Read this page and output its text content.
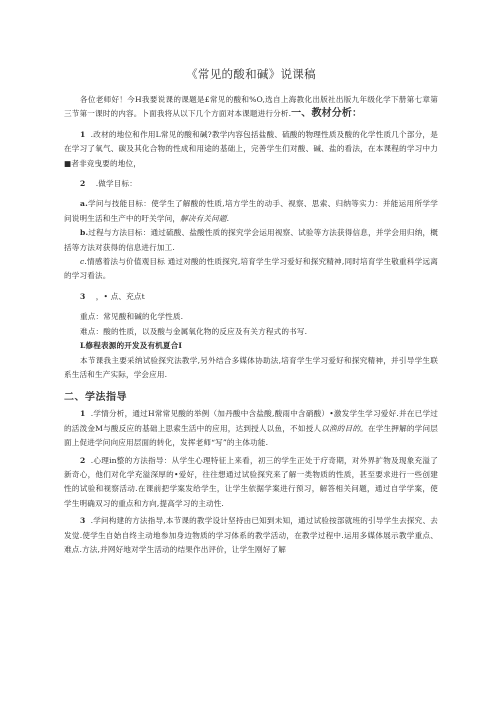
《常见的酸和碱》说课稿

各位老师好！今H我要说课的课题是£常见的酸和%O,选自上海教化出版社出版九年级化学下册第七章第三节第一课时的内容。卜面我将从以下几个方面对本课题进行分析.一、教材分析：

1 .改材的地位和作用L常见的酸和碱?教学内容包括盐酸、硫酸的物理性质及酸的化学性质几个部分，是在学习了氧气、碳及其化合物的性成和用途的基础上，完善学生们对酸、碱、盐的看法，在本课程的学习中力■者非竞曳要的地位，

2 .做学目标：

a.学问与技能目标：使学生了解酸的性质,培方学生的动手、视察、思索、归纳等实力：并能运用所学学问说明生活和生产中的吁关学问，解决有关问题.

b.过程与方法目标：通过硫酸、盐酸性质的探究学会运用视察、试验等方法获得信息，并学会用归纳，概括等方法对获得的信息进行加工.

c.情感着法与价值观目标 通过对酸的性质探究,培育学生学习爱好和探究精神,同时培育学生敬重科学远离的学习看法。

3 ，• 点、充点t

重点：常见酸和碱的化学性质.

难点：酸的性质，以及酸与金属氧化物的反应及有关方程式的书写.

L修程表源的开发及有机夏合I

本节课我主要采纳试验探究法教学,另外结合多媒体协助法,培育学生学习爱好和探究精神，并引导学生联系生活和生产实际，学会应用.

二、学法指导

1 .学情分析，通过H常常见酸的举例（加丹酸中含盐酸,酸雨中含硝酸）•激发学生学习爱好.并在已学过的活泼金M与酸反应的基础上思索生活中的应用，达到授人以鱼，不如授人以渔的目的。在学生押解的学问层面上促进学问向应用层面的转化，发挥老师“写”的主体功能.

2 .心理in整的方法指导：从学生心理特征上来看，初三的学生正处于疗奇期，对外界扩物及现象充溢了新奇心，他们对化学充溢深厚的•爱好，往往想通过试验探究来了解一类物质的性质，甚至要求进行一些创建性的试验和视察活动.在课前把学案发给学生，让学生依据学案进行预习，解答相关问题，通过自学学案，使学生明确双习的重点和方向,提高学习的主动性.

3 .学问构建的方法指导,本节课的教学设计坚持由已知到未知，通过试验按部就班的引导学生去探究、去发觉.使学生自始自终主动地参加身边物质的学习体系的教学活动，在教学过程中.运用多媒体展示教学重点、难点.方法,并网好地对学生活动的结果作出评价，让学生刚好了解
